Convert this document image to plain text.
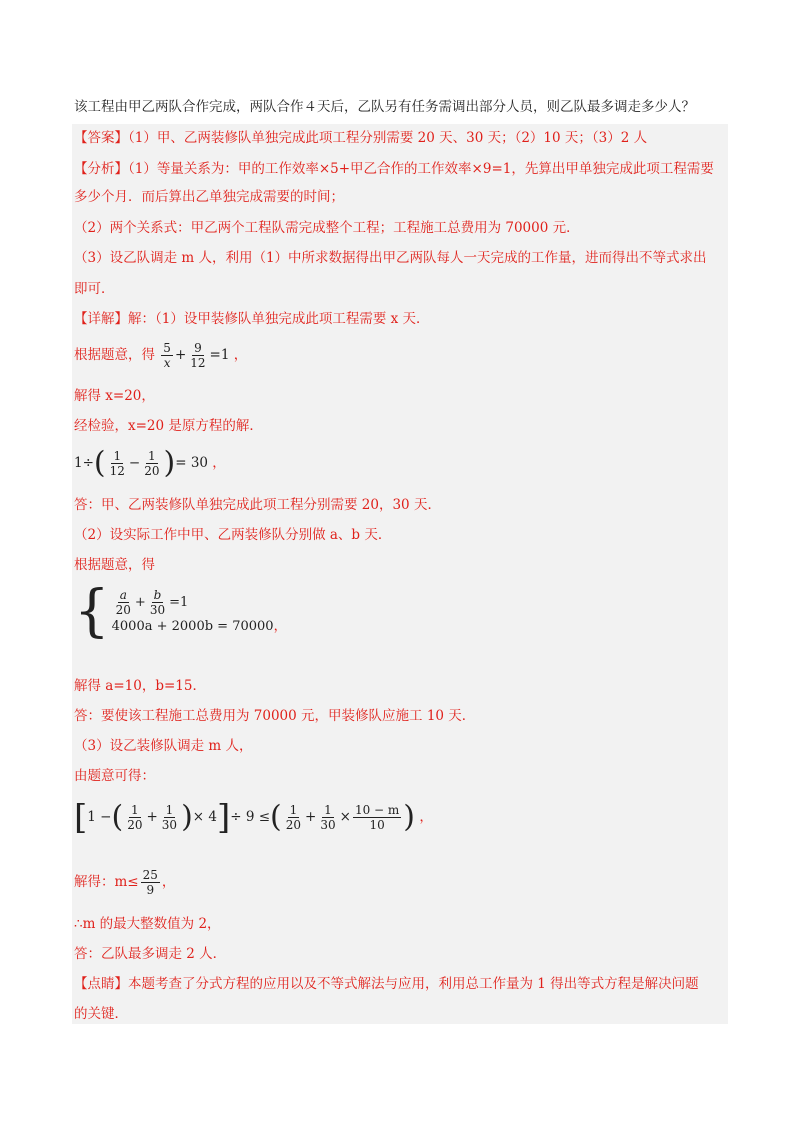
该工程由甲乙两队合作完成，两队合作４天后，乙队另有任务需调出部分人员，则乙队最多调走多少人？
【答案】（1）甲、乙两装修队单独完成此项工程分别需要 20 天、30 天；（2）10 天；（3）2 人
【分析】（1）等量关系为：甲的工作效率×5+甲乙合作的工作效率×9=1，先算出甲单独完成此项工程需要
多少个月．而后算出乙单独完成需要的时间；
（2）两个关系式：甲乙两个工程队需完成整个工程；工程施工总费用为 70000 元．
（3）设乙队调走 m 人，利用（1）中所求数据得出甲乙两队每人一天完成的工作量，进而得出不等式求出
即可．
【详解】解：（1）设甲装修队单独完成此项工程需要 x 天．
根据题意，得 $\frac{5}{x} + \frac{9}{12} =1$ ，
解得 x=20，
经检验，x=20 是原方程的解．
$1\div( \frac{1}{12} - \frac{1}{20}$ )= 30 ，
答：甲、乙两装修队单独完成此项工程分别需要 20，30 天．
（2）设实际工作中甲、乙两装修队分别做 a、b 天．
根据题意，得
{ $\frac{a}{20} + \frac{b}{30} =1$
4000a + 2000b = 70000，
解得 a=10，b=15．
答：要使该工程施工总费用为 70000 元，甲装修队应施工 10 天．
（3）设乙装修队调走 m 人，
由题意可得：
[1 −( $\frac{1}{20} + \frac{1}{30}$ )× 4]÷ 9 ≤( $\frac{1}{20} + \frac{1}{30} \times \frac{10 - m}{10}$ ) ，
解得：$m\le \frac{25}{9}$ ，
∴m 的最大整数值为 2，
答：乙队最多调走 2 人．
【点睛】本题考查了分式方程的应用以及不等式解法与应用，利用总工作量为 1 得出等式方程是解决问题
的关键．
